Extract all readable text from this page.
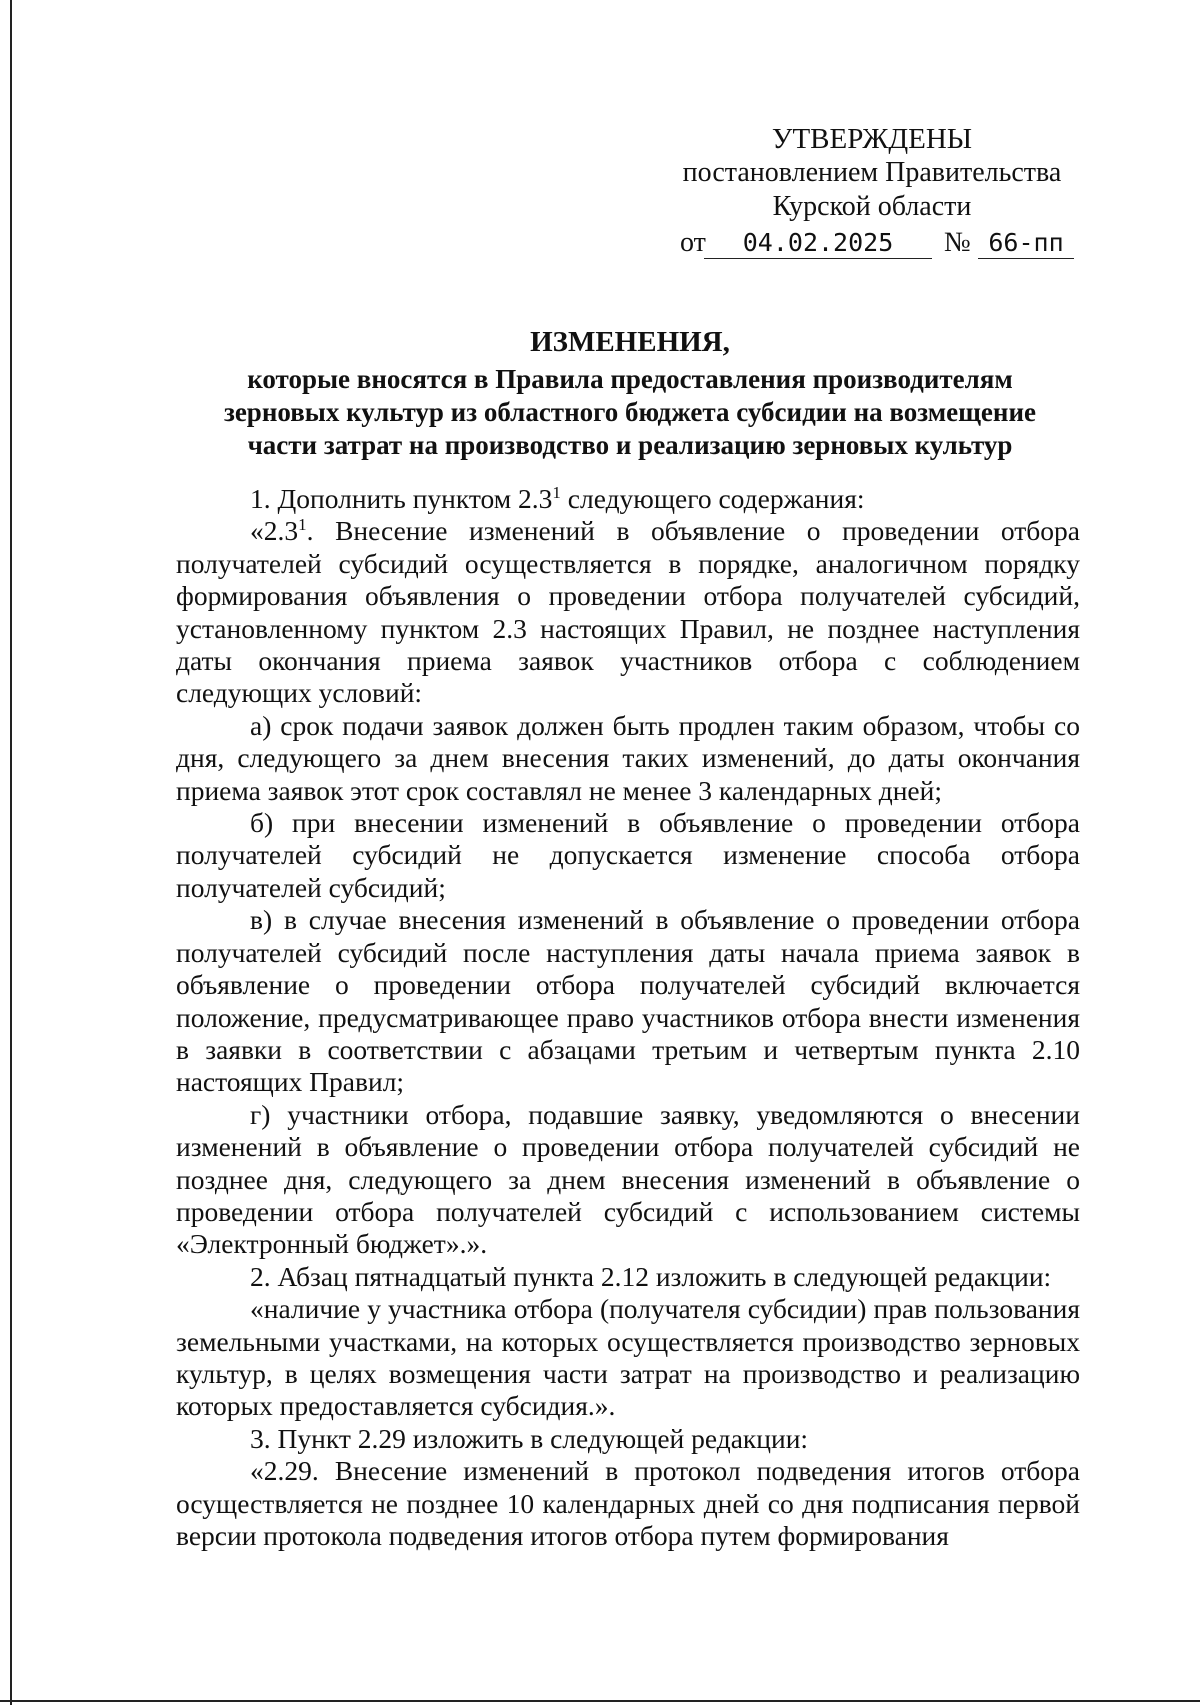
УТВЕРЖДЕНЫ
постановлением Правительства
Курской области
от 04.02.2025 № 66-пп
ИЗМЕНЕНИЯ,
которые вносятся в Правила предоставления производителям
зерновых культур из областного бюджета субсидии на возмещение
части затрат на производство и реализацию зерновых культур

1. Дополнить пунктом $2.3^1$ следующего содержания:

«$2.3^1$. Внесение изменений в объявление о проведении отбора получателей субсидий осуществляется в порядке, аналогичном порядку формирования объявления о проведении отбора получателей субсидий, установленному пунктом 2.3 настоящих Правил, не позднее наступления даты окончания приема заявок участников отбора с соблюдением следующих условий:

а) срок подачи заявок должен быть продлен таким образом, чтобы со дня, следующего за днем внесения таких изменений, до даты окончания приема заявок этот срок составлял не менее 3 календарных дней;

б) при внесении изменений в объявление о проведении отбора получателей субсидий не допускается изменение способа отбора получателей субсидий;

в) в случае внесения изменений в объявление о проведении отбора получателей субсидий после наступления даты начала приема заявок в объявление о проведении отбора получателей субсидий включается положение, предусматривающее право участников отбора внести изменения в заявки в соответствии с абзацами третьим и четвертым пункта 2.10 настоящих Правил;

г) участники отбора, подавшие заявку, уведомляются о внесении изменений в объявление о проведении отбора получателей субсидий не позднее дня, следующего за днем внесения изменений в объявление о проведении отбора получателей субсидий с использованием системы «Электронный бюджет».».

2. Абзац пятнадцатый пункта 2.12 изложить в следующей редакции:

«наличие у участника отбора (получателя субсидии) прав пользования земельными участками, на которых осуществляется производство зерновых культур, в целях возмещения части затрат на производство и реализацию которых предоставляется субсидия.».

3. Пункт 2.29 изложить в следующей редакции:

«2.29. Внесение изменений в протокол подведения итогов отбора осуществляется не позднее 10 календарных дней со дня подписания первой версии протокола подведения итогов отбора путем формирования
